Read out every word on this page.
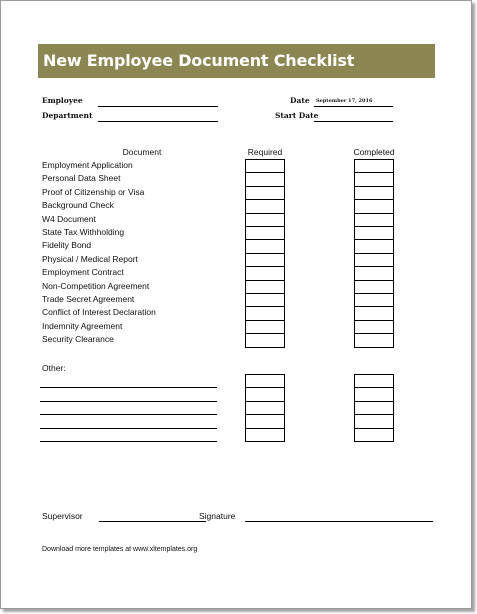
New Employee Document Checklist
Employee
Department
Date September 17, 2016
Start Date
Document	Required	Completed
Employment Application
Personal Data Sheet
Proof of Citizenship or Visa
Background Check
W4 Document
State Tax Withholding
Fidelity Bond
Physical / Medical Report
Employment Contract
Non-Competition Agreement
Trade Secret Agreement
Conflict of Interest Declaration
Indemnity Agreement
Security Clearance
Other:
Supervisor	Signature
Download more templates at www.xltemplates.org
